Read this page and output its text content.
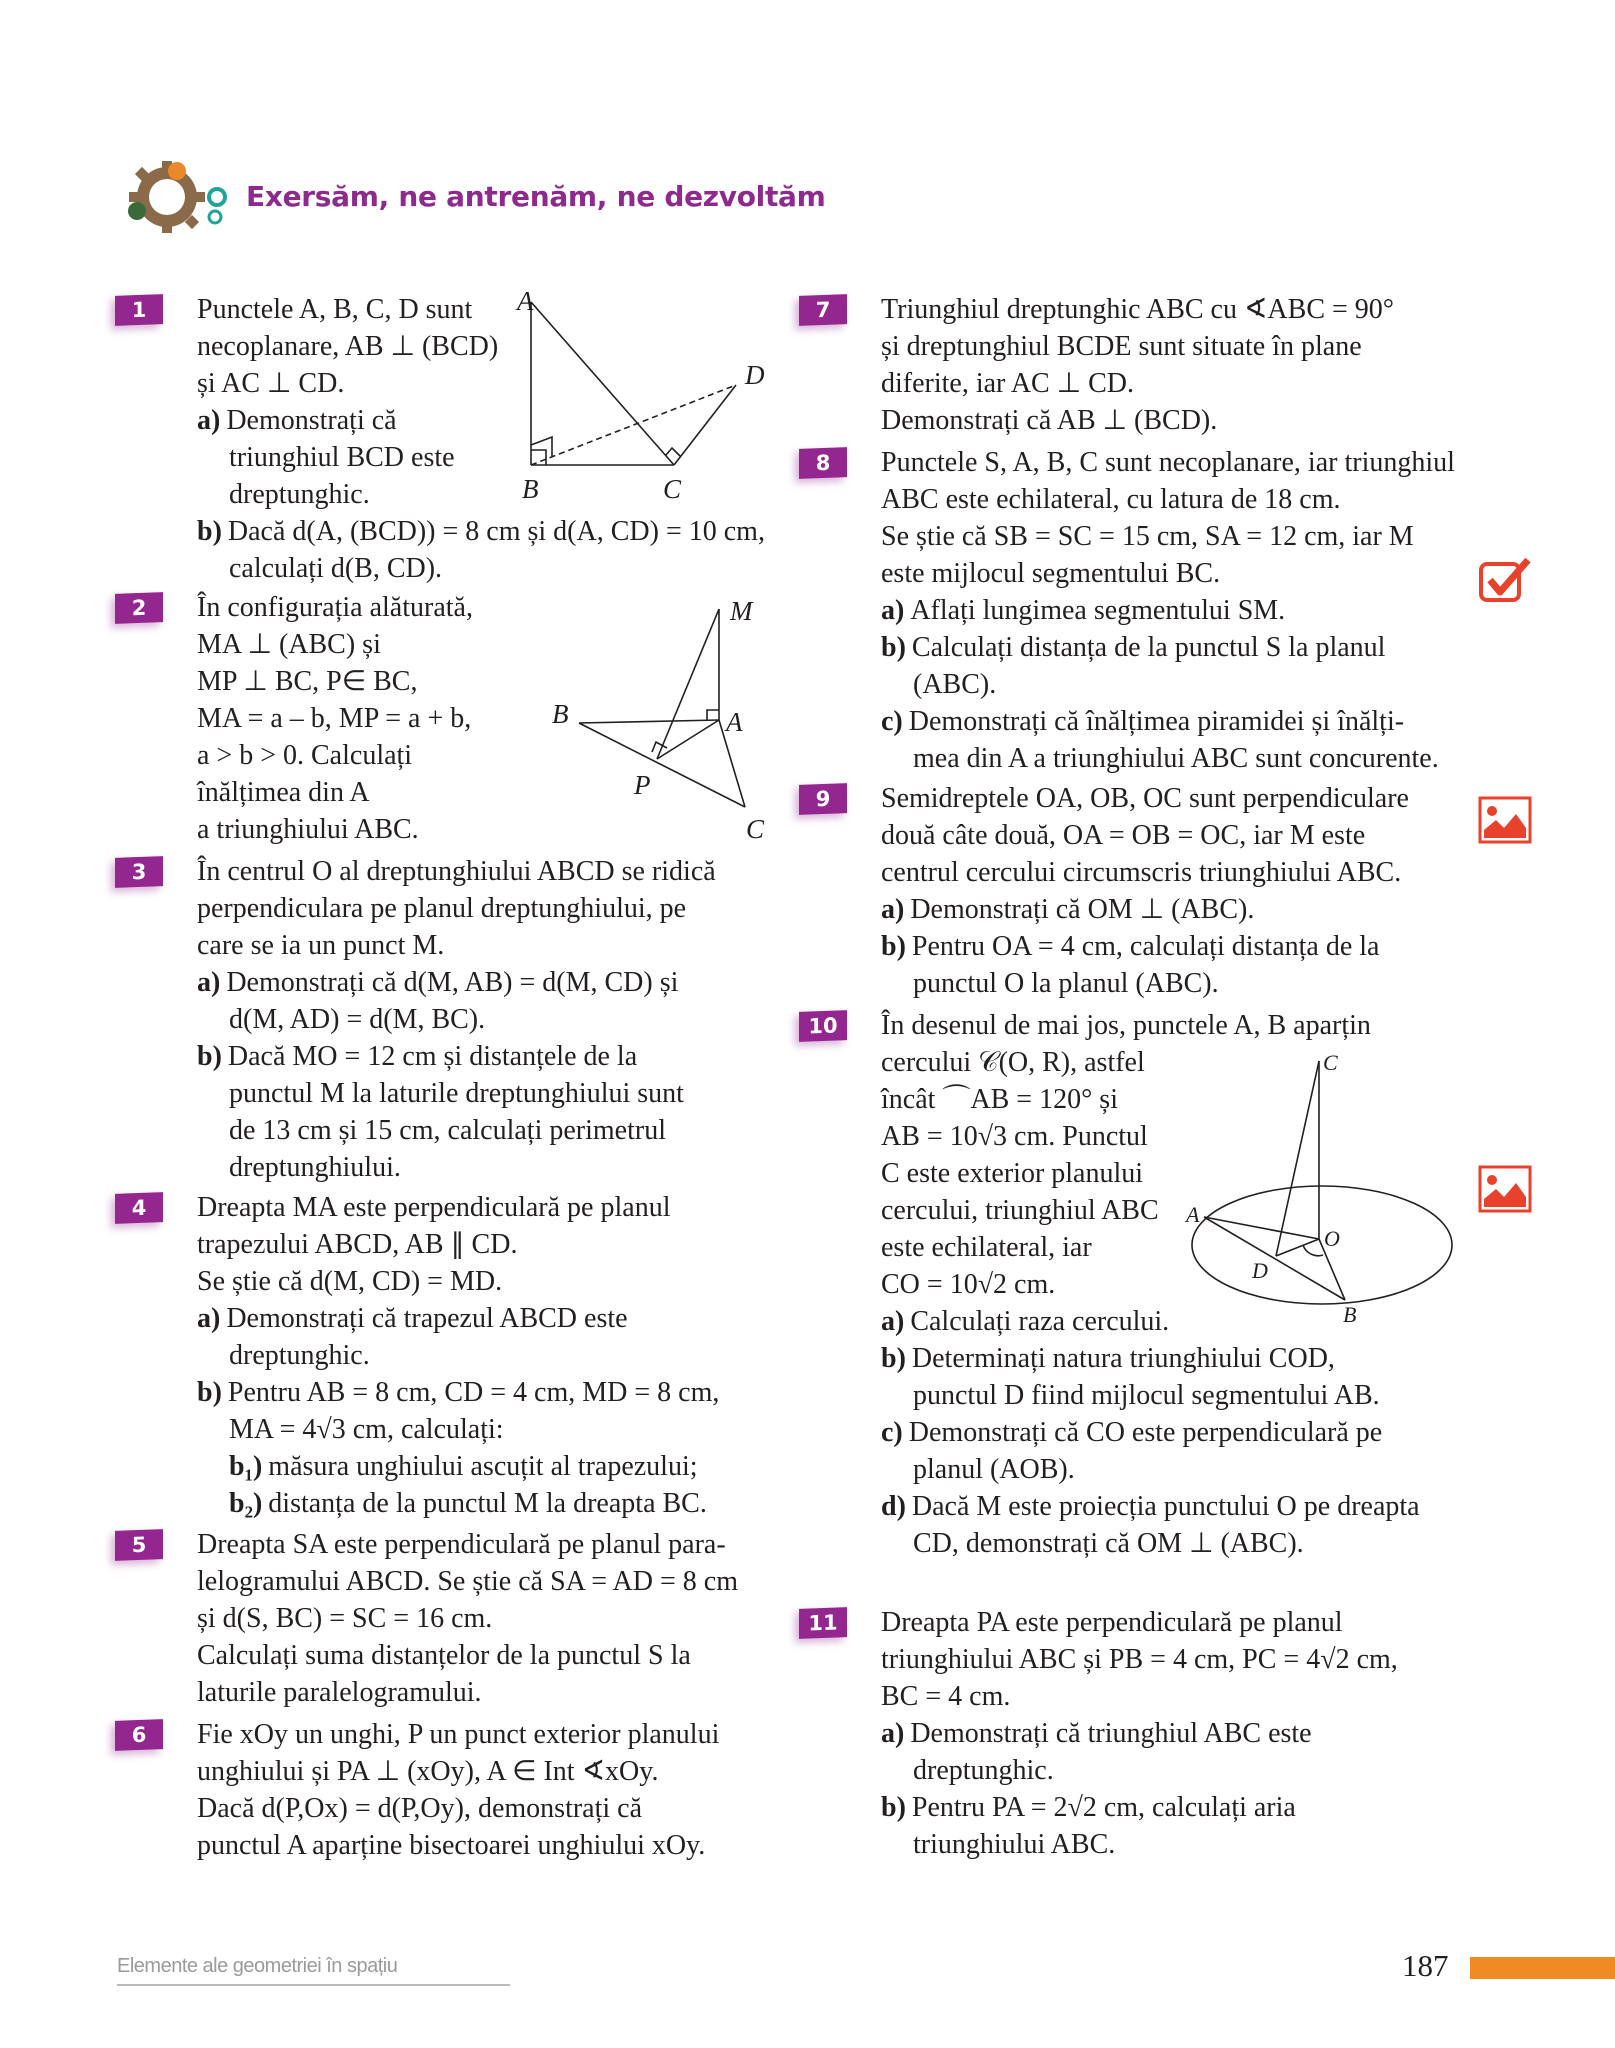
Exersăm, ne antrenăm, ne dezvoltăm
1	Punctele A, B, C, D sunt
necoplanare, AB ⊥ (BCD)
și AC ⊥ CD.
a) Demonstrați că
triunghiul BCD este
dreptunghic.
b) Dacă d(A, (BCD)) = 8 cm și d(A, CD) = 10 cm,
calculați d(B, CD).
2	În configurația alăturată,
MA ⊥ (ABC) și
MP ⊥ BC, P∈ BC,
MA = a – b, MP = a + b,
a > b > 0. Calculați
înălțimea din A
a triunghiului ABC.
3	În centrul O al dreptunghiului ABCD se ridică
perpendiculara pe planul dreptunghiului, pe
care se ia un punct M.
a) Demonstrați că d(M, AB) = d(M, CD) și
d(M, AD) = d(M, BC).
b) Dacă MO = 12 cm și distanțele de la
punctul M la laturile dreptunghiului sunt
de 13 cm și 15 cm, calculați perimetrul
dreptunghiului.
4	Dreapta MA este perpendiculară pe planul
trapezului ABCD, AB ∥ CD.
Se știe că d(M, CD) = MD.
a) Demonstrați că trapezul ABCD este
dreptunghic.
b) Pentru AB = 8 cm, CD = 4 cm, MD = 8 cm,
MA = 4√3 cm, calculați:
b₁) măsura unghiului ascuțit al trapezului;
b₂) distanța de la punctul M la dreapta BC.
5	Dreapta SA este perpendiculară pe planul para-
lelogramului ABCD. Se știe că SA = AD = 8 cm
și d(S, BC) = SC = 16 cm.
Calculați suma distanțelor de la punctul S la
laturile paralelogramului.
6	Fie xOy un unghi, P un punct exterior planului
unghiului și PA ⊥ (xOy), A ∈ Int ∢xOy.
Dacă d(P,Ox) = d(P,Oy), demonstrați că
punctul A aparține bisectoarei unghiului xOy.
7	Triunghiul dreptunghic ABC cu ∢ABC = 90°
și dreptunghiul BCDE sunt situate în plane
diferite, iar AC ⊥ CD.
Demonstrați că AB ⊥ (BCD).
8	Punctele S, A, B, C sunt necoplanare, iar triunghiul
ABC este echilateral, cu latura de 18 cm.
Se știe că SB = SC = 15 cm, SA = 12 cm, iar M
este mijlocul segmentului BC.
a) Aflați lungimea segmentului SM.
b) Calculați distanța de la punctul S la planul
(ABC).
c) Demonstrați că înălțimea piramidei și înălți-
mea din A a triunghiului ABC sunt concurente.
9	Semidreptele OA, OB, OC sunt perpendiculare
două câte două, OA = OB = OC, iar M este
centrul cercului circumscris triunghiului ABC.
a) Demonstrați că OM ⊥ (ABC).
b) Pentru OA = 4 cm, calculați distanța de la
punctul O la planul (ABC).
10	În desenul de mai jos, punctele A, B aparțin
cercului 𝒞(O, R), astfel
încât ⌒AB = 120° și
AB = 10√3 cm. Punctul
C este exterior planului
cercului, triunghiul ABC
este echilateral, iar
CO = 10√2 cm.
a) Calculați raza cercului.
b) Determinați natura triunghiului COD,
punctul D fiind mijlocul segmentului AB.
c) Demonstrați că CO este perpendiculară pe
planul (AOB).
d) Dacă M este proiecția punctului O pe dreapta
CD, demonstrați că OM ⊥ (ABC).
11	Dreapta PA este perpendiculară pe planul
triunghiului ABC și PB = 4 cm, PC = 4√2 cm,
BC = 4 cm.
a) Demonstrați că triunghiul ABC este
dreptunghic.
b) Pentru PA = 2√2 cm, calculați aria
triunghiului ABC.
A
D
B	C
M
A
B
P
C
C
A
O
D
B
Elemente ale geometriei în spațiu	187
